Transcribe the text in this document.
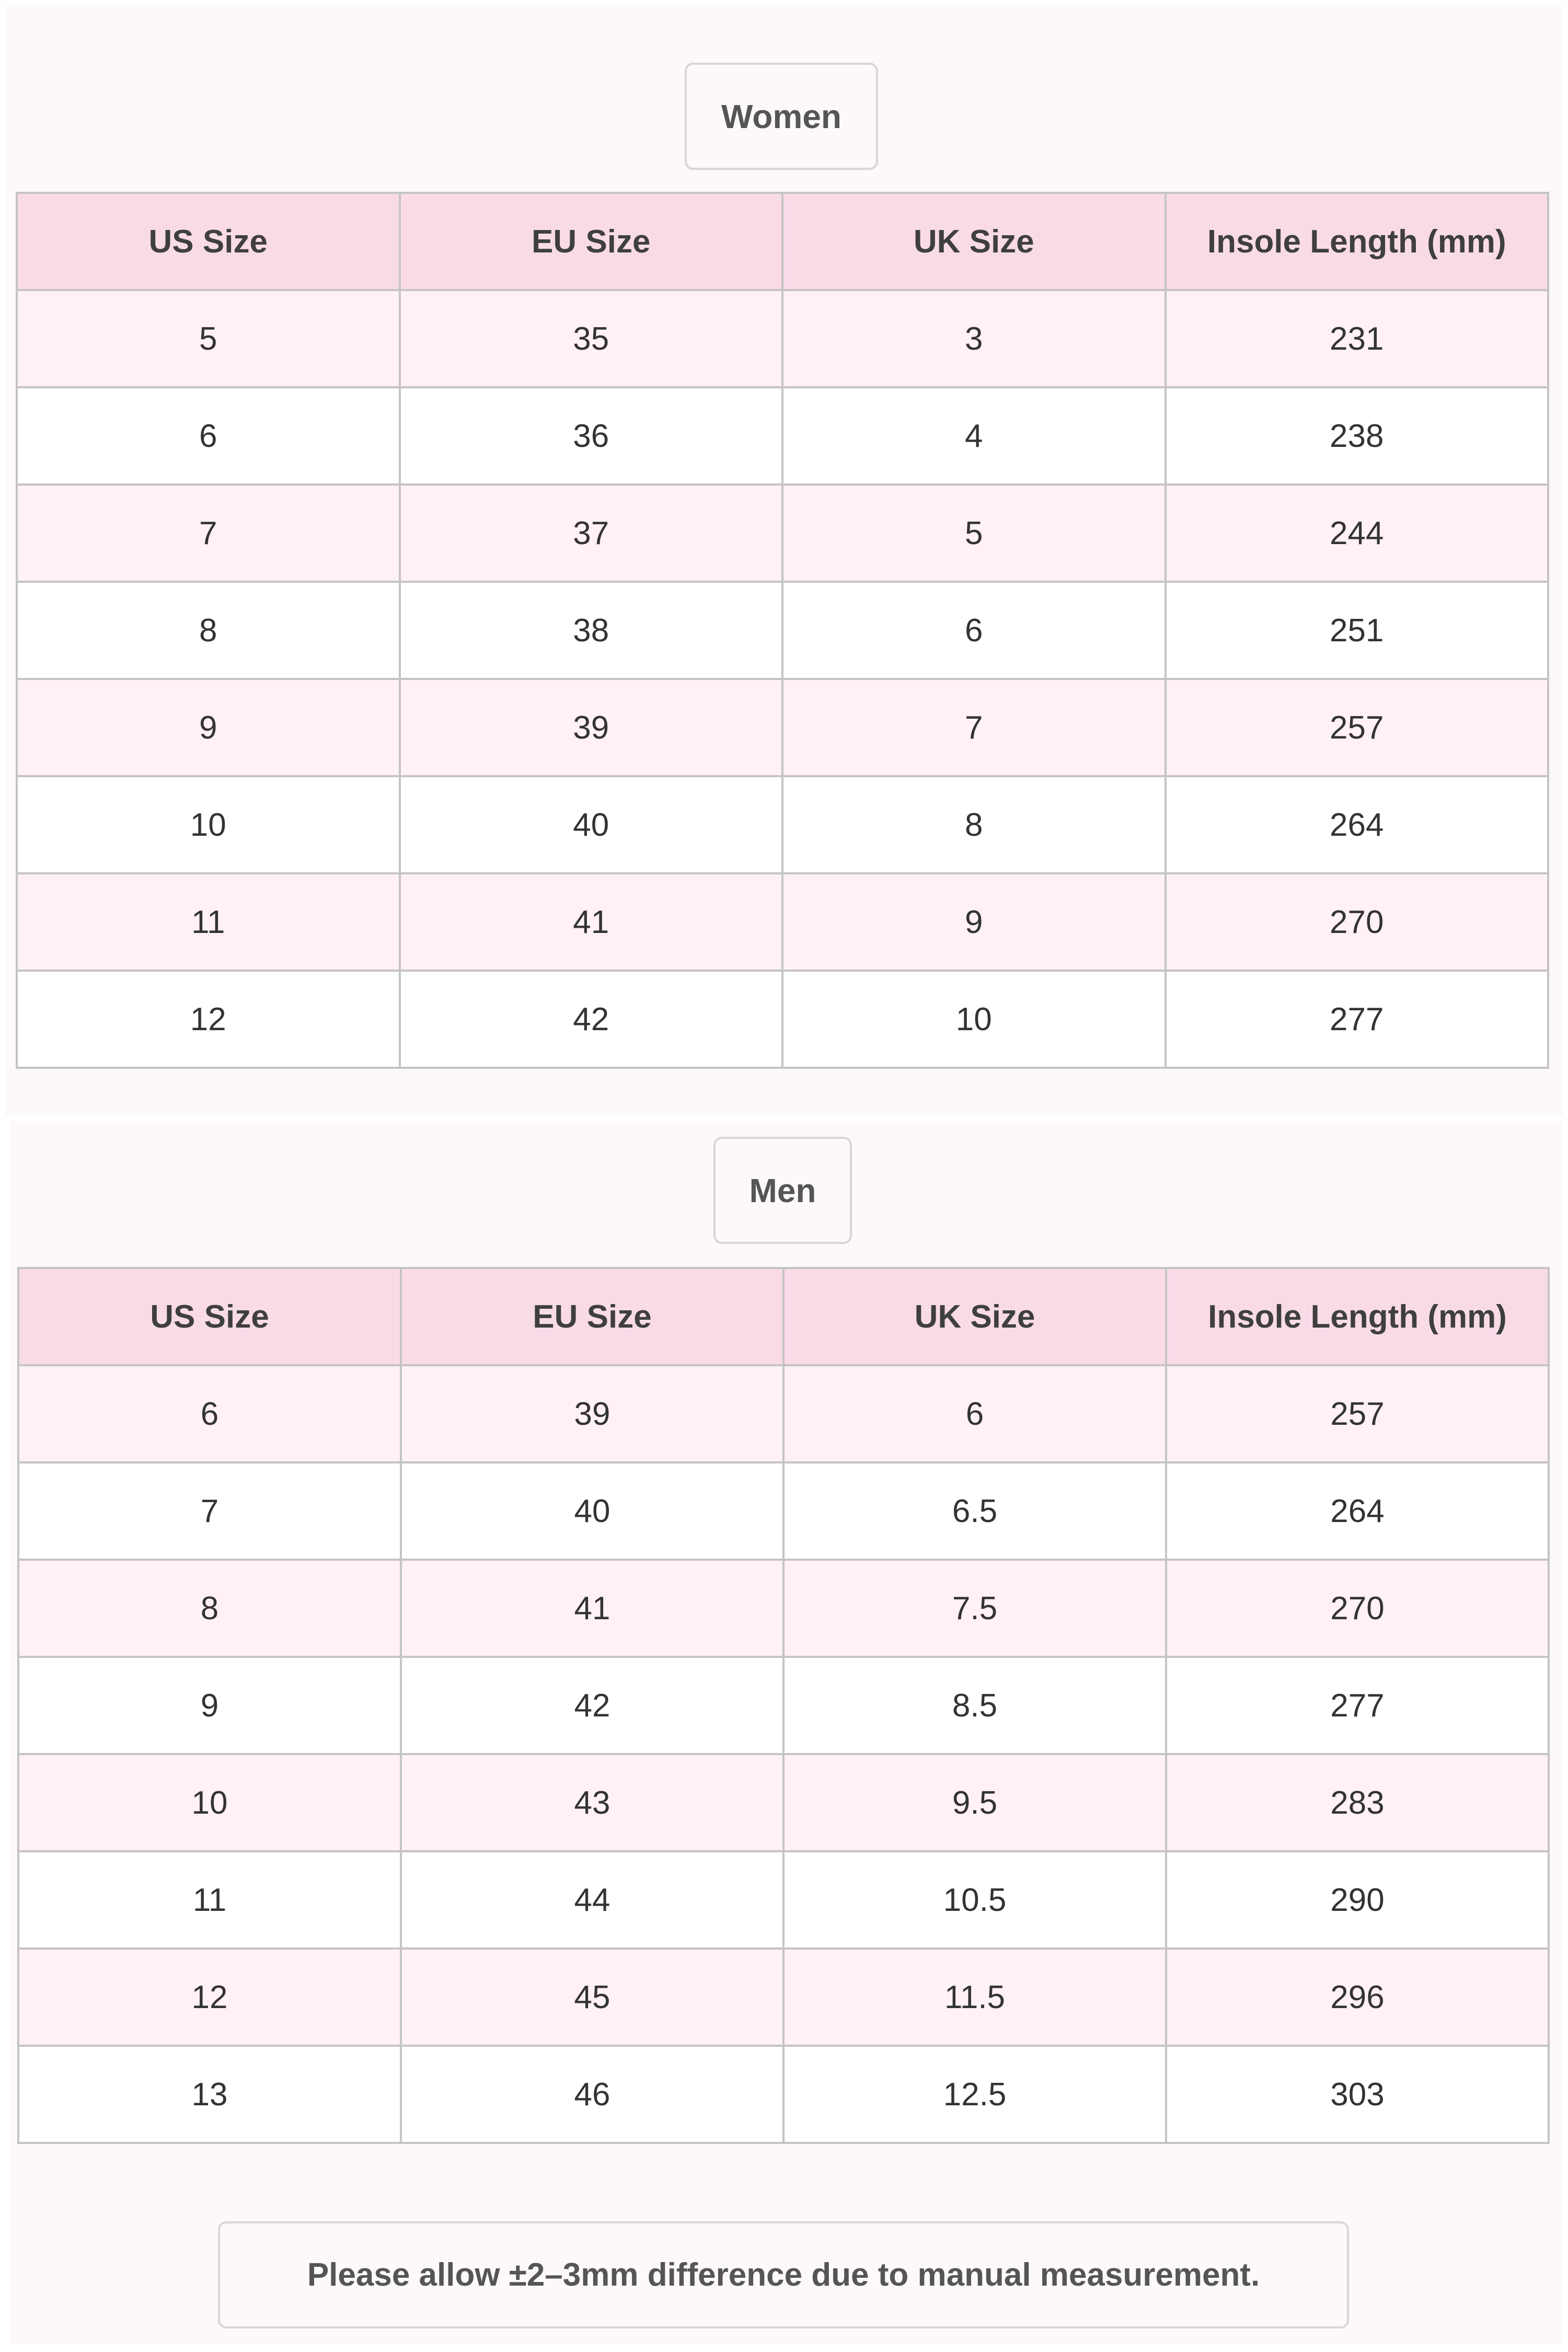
Women
US Size	EU Size	UK Size	Insole Length (mm)
5	35	3	231
6	36	4	238
7	37	5	244
8	38	6	251
9	39	7	257
10	40	8	264
11	41	9	270
12	42	10	277
Men
US Size	EU Size	UK Size	Insole Length (mm)
6	39	6	257
7	40	6.5	264
8	41	7.5	270
9	42	8.5	277
10	43	9.5	283
11	44	10.5	290
12	45	11.5	296
13	46	12.5	303
Please allow ±2–3mm difference due to manual measurement.
